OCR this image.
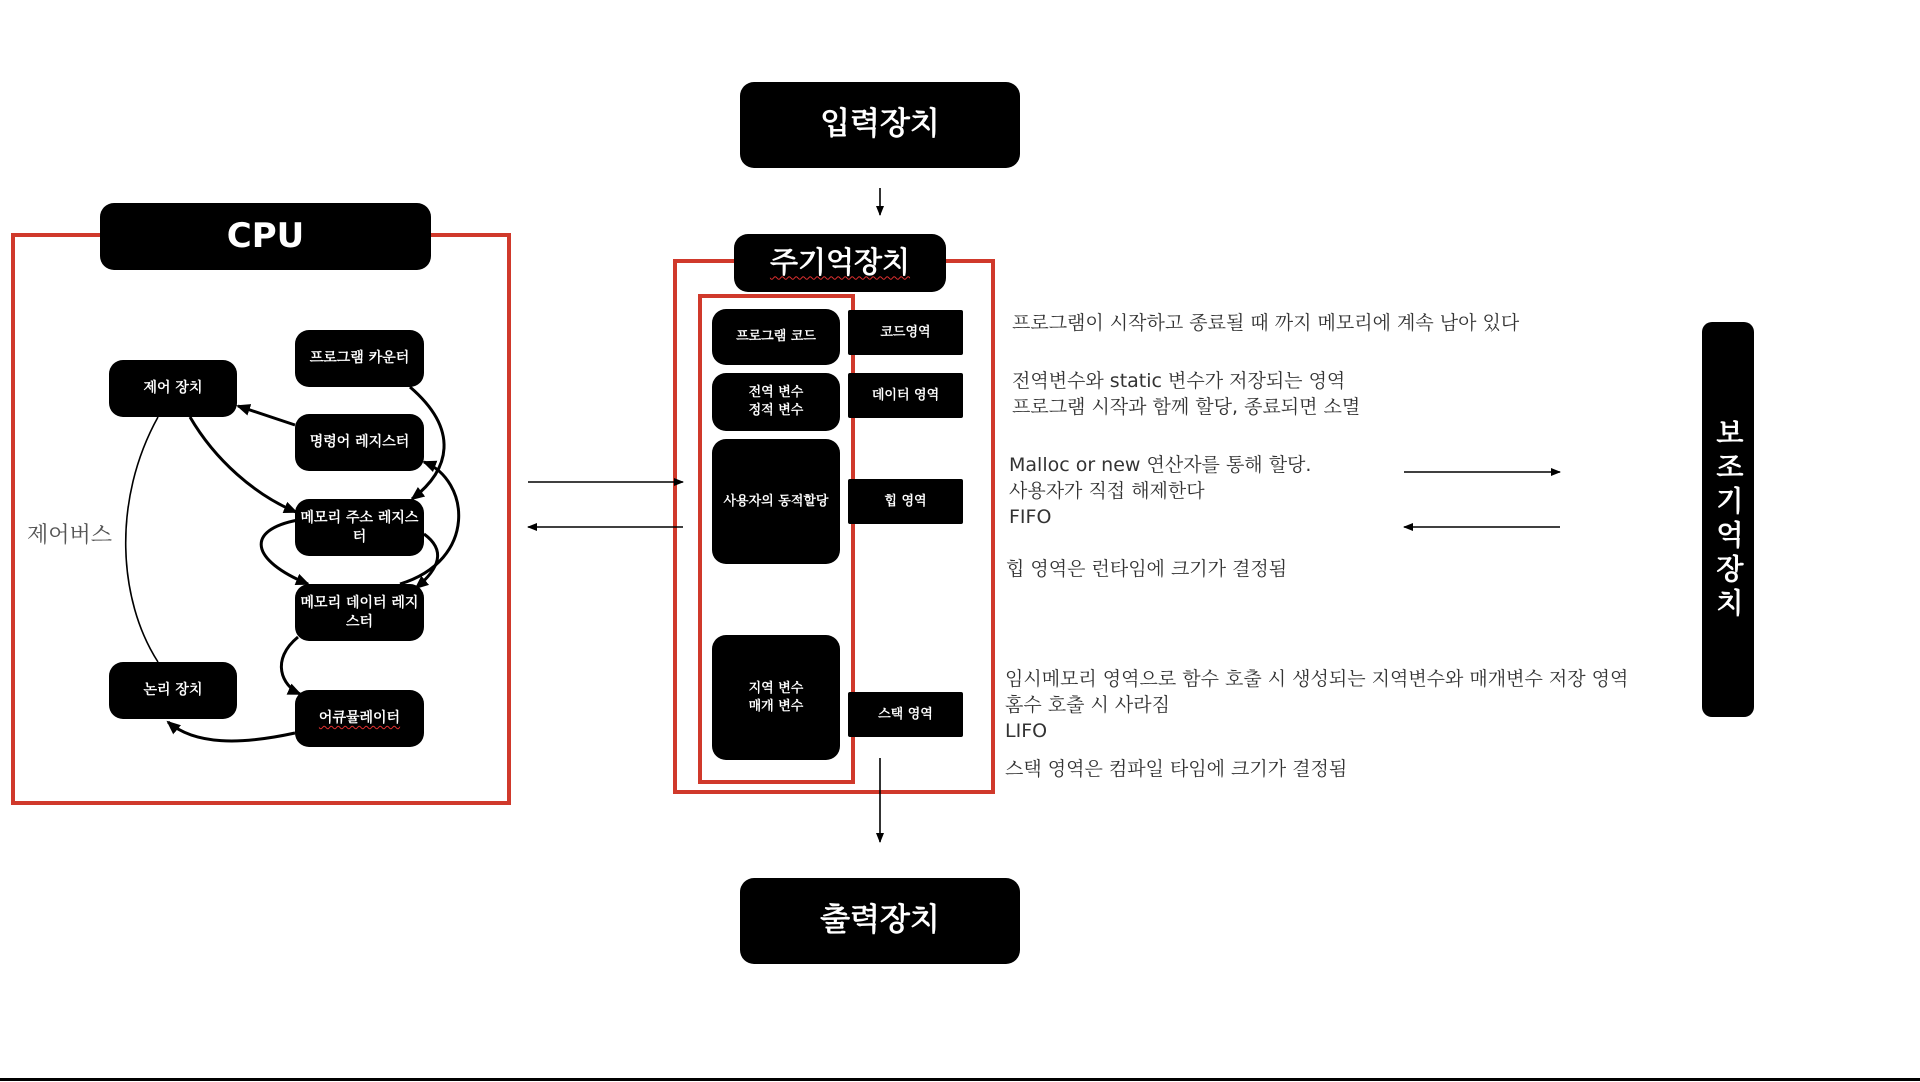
입력장치
출력장치
CPU
제어버스
제어 장치
논리 장치
프로그램 카운터
명령어 레지스터
메모리 주소 레지스
터
메모리 데이터 레지
스터
어큐뮬레이터
주기억장치
프로그램 코드
전역 변수
정적 변수
사용자의 동적할당
지역 변수
매개 변수
코드영역
데이터 영역
힙 영역
스택 영역
프로그램이 시작하고 종료될 때 까지 메모리에 계속 남아 있다
전역변수와 static 변수가 저장되는 영역
프로그램 시작과 함께 할당, 종료되면 소멸
Malloc or new 연산자를 통해 할당.
사용자가 직접 해제한다
FIFO
힙 영역은 런타임에 크기가 결정됨
임시메모리 영역으로 함수 호출 시 생성되는 지역변수와 매개변수 저장 영역
홈수 호출 시 사라짐
LIFO
스택 영역은 컴파일 타임에 크기가 결정됨
보조기억장치
